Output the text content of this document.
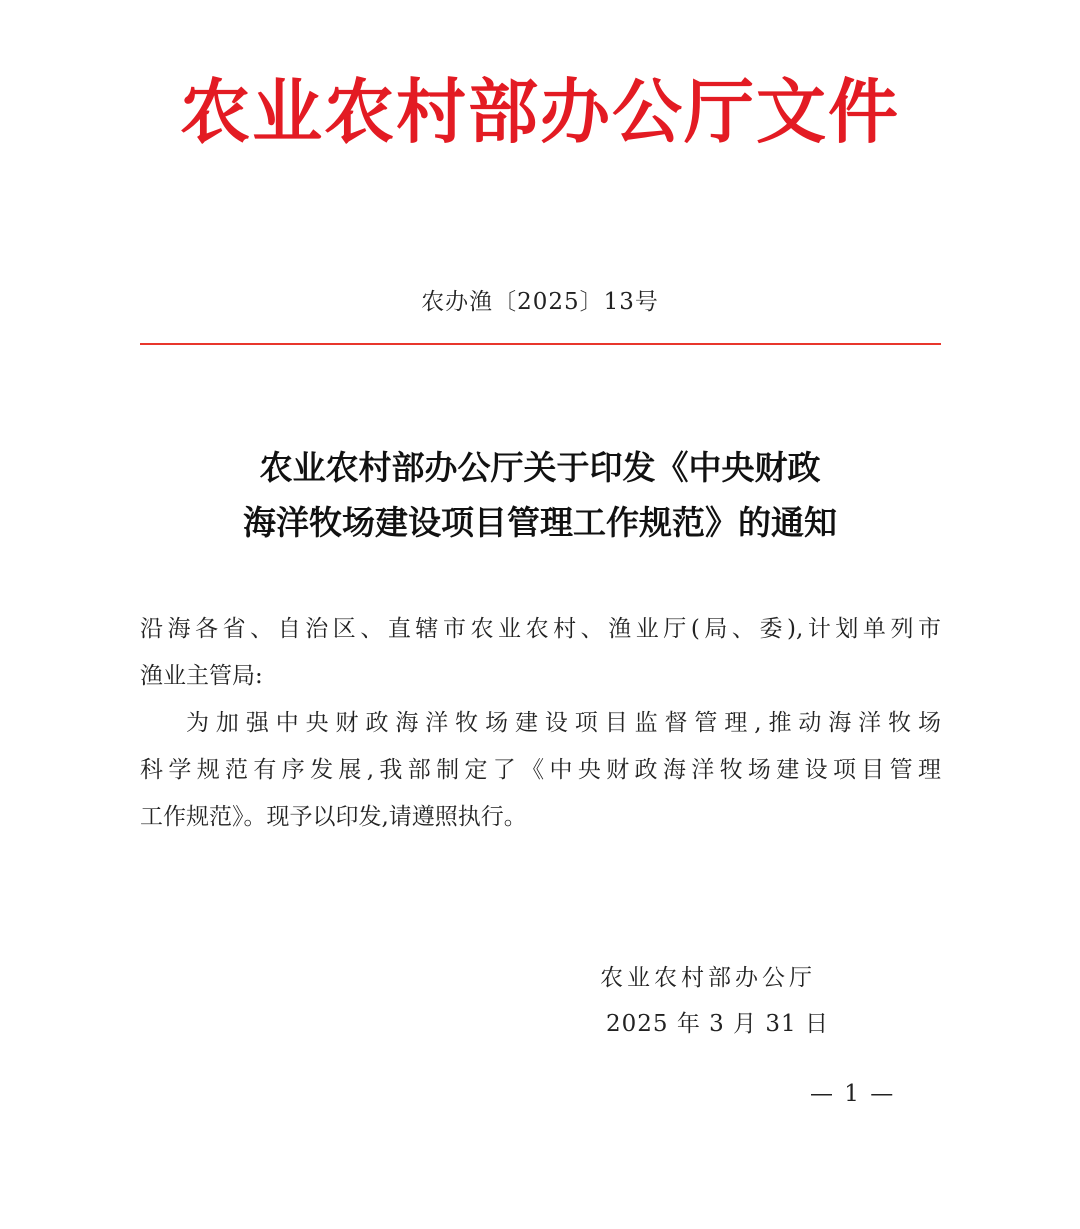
农业农村部办公厅文件
农办渔〔2025〕13号
农业农村部办公厅关于印发《中央财政
海洋牧场建设项目管理工作规范》的通知
沿海各省、自治区、直辖市农业农村、渔业厅(局、委),计划单列市
渔业主管局:
为加强中央财政海洋牧场建设项目监督管理,推动海洋牧场
科学规范有序发展,我部制定了《中央财政海洋牧场建设项目管理
工作规范》。现予以印发,请遵照执行。
农业农村部办公厅
2025 年 3 月 31 日
— 1 —
